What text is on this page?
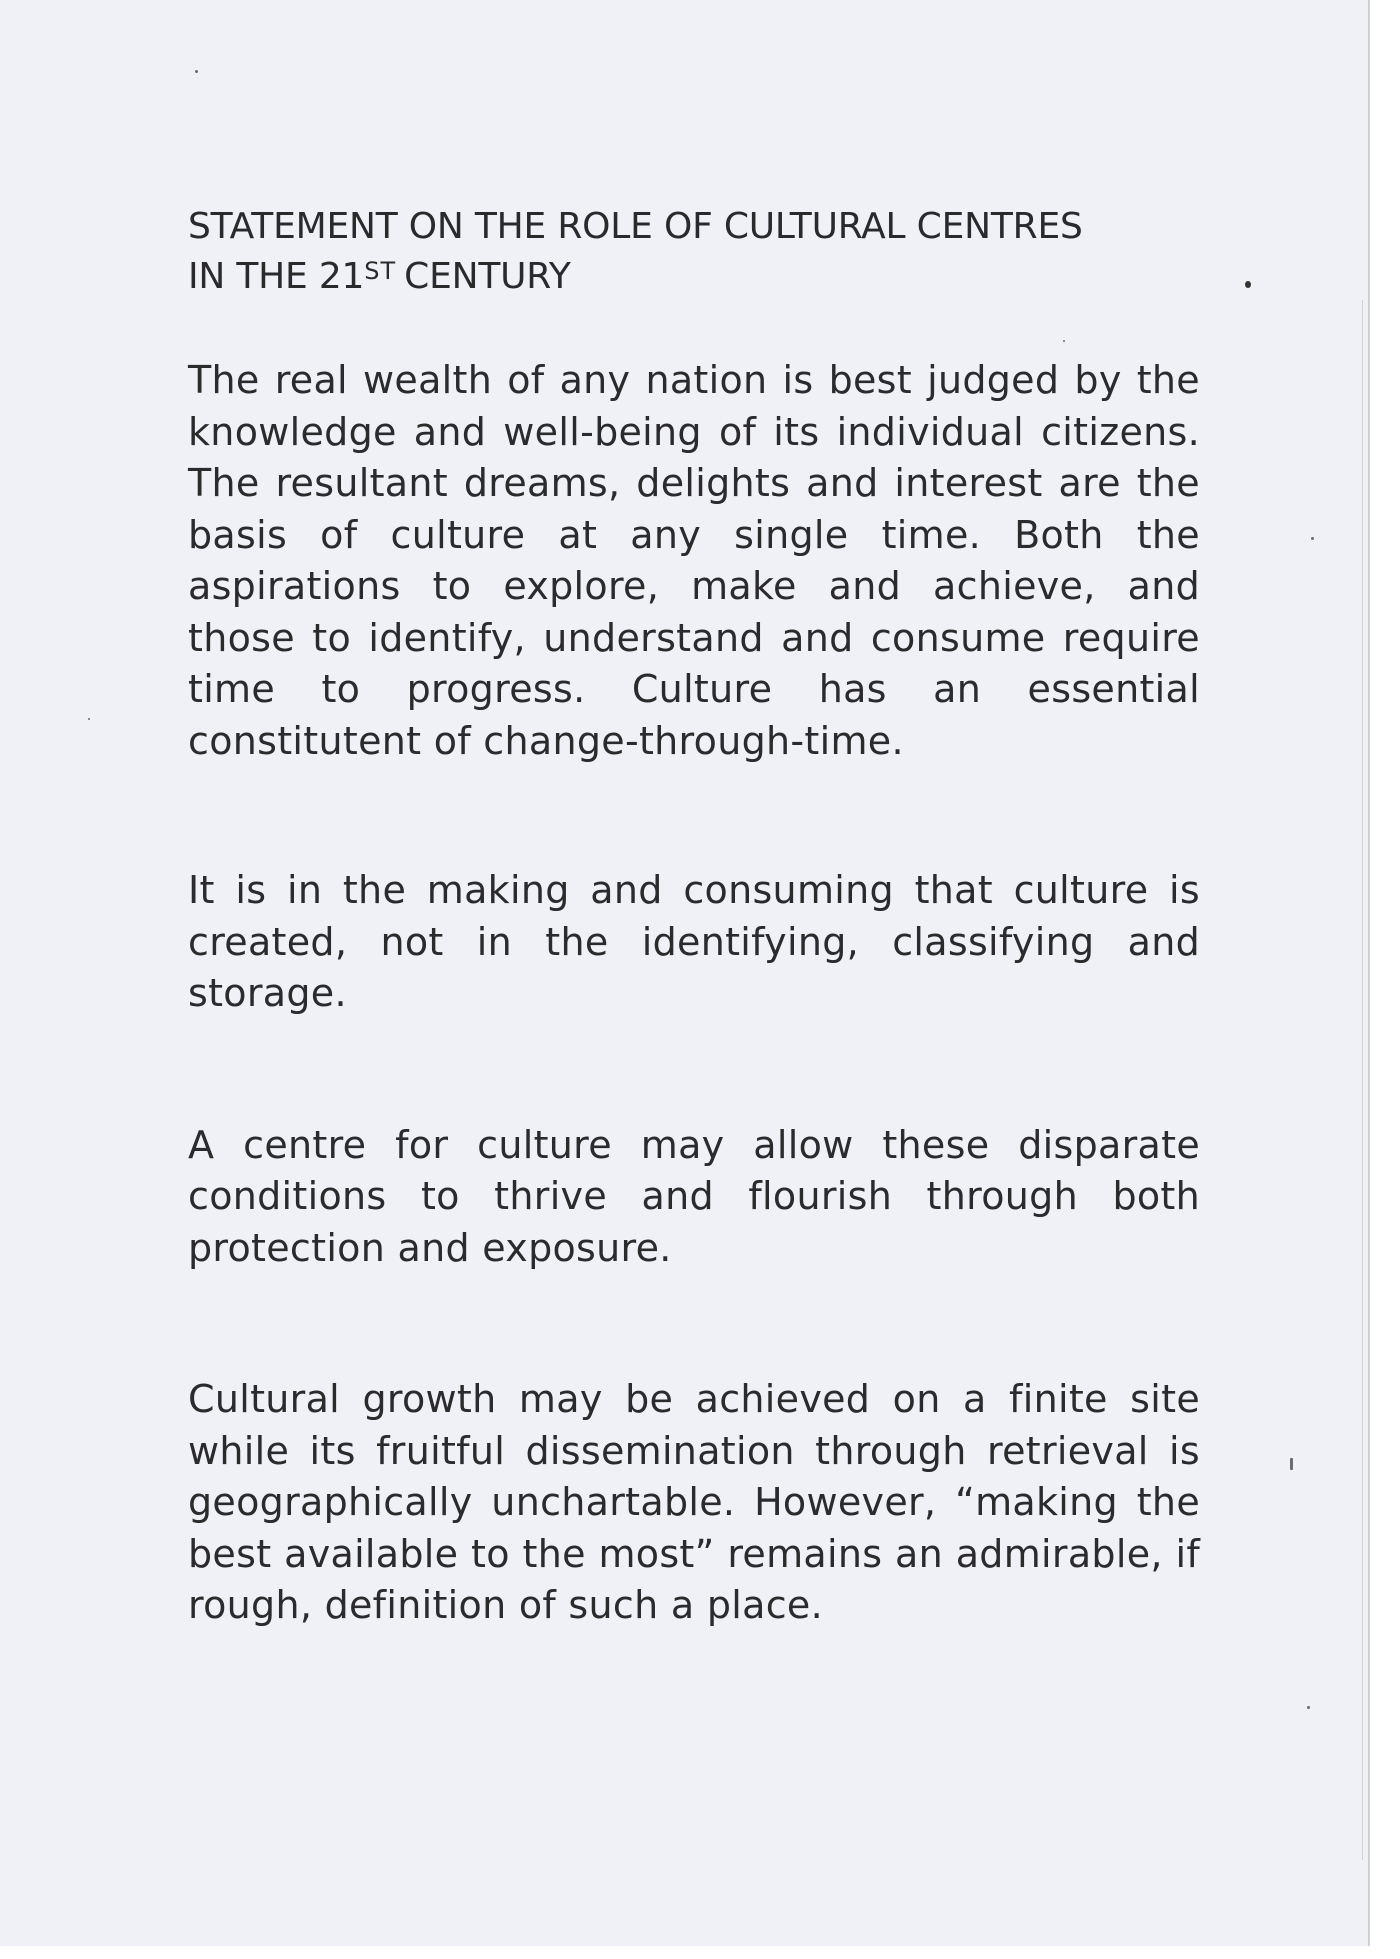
STATEMENT ON THE ROLE OF CULTURAL CENTRES
IN THE 21ST CENTURY

The real wealth of any nation is best judged by the knowledge and well-being of its individual citizens. The resultant dreams, delights and interest are the basis of culture at any single time. Both the aspirations to explore, make and achieve, and those to identify, understand and consume require time to progress. Culture has an essential constitutent of change-through-time.

It is in the making and consuming that culture is created, not in the identifying, classifying and storage.

A centre for culture may allow these disparate conditions to thrive and flourish through both protection and exposure.

Cultural growth may be achieved on a finite site while its fruitful dissemination through retrieval is geographically unchartable. However, “making the best available to the most” remains an admirable, if rough, definition of such a place.
